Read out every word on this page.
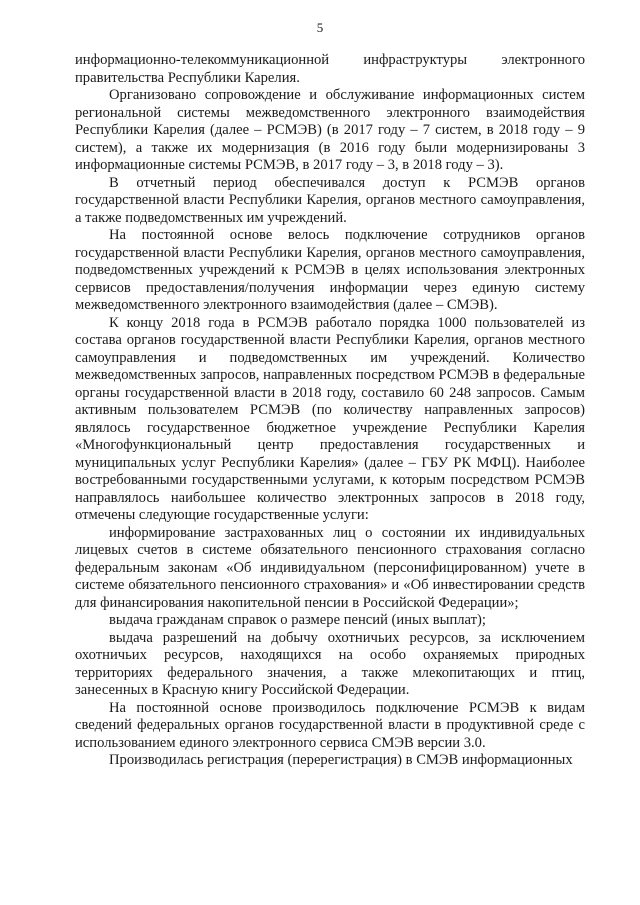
5

информационно-телекоммуникационной инфраструктуры электронного правительства Республики Карелия.

Организовано сопровождение и обслуживание информационных систем региональной системы межведомственного электронного взаимодействия Республики Карелия (далее – РСМЭВ) (в 2017 году – 7 систем, в 2018 году – 9 систем), а также их модернизация (в 2016 году были модернизированы 3 информационные системы РСМЭВ, в 2017 году – 3, в 2018 году – 3).

В отчетный период обеспечивался доступ к РСМЭВ органов государственной власти Республики Карелия, органов местного самоуправления, а также подведомственных им учреждений.

На постоянной основе велось подключение сотрудников органов государственной власти Республики Карелия, органов местного самоуправления, подведомственных учреждений к РСМЭВ в целях использования электронных сервисов предоставления/получения информации через единую систему межведомственного электронного взаимодействия (далее – СМЭВ).

К концу 2018 года в РСМЭВ работало порядка 1000 пользователей из состава органов государственной власти Республики Карелия, органов местного самоуправления и подведомственных им учреждений. Количество межведомственных запросов, направленных посредством РСМЭВ в федеральные органы государственной власти в 2018 году, составило 60 248 запросов. Самым активным пользователем РСМЭВ (по количеству направленных запросов) являлось государственное бюджетное учреждение Республики Карелия «Многофункциональный центр предоставления государственных и муниципальных услуг Республики Карелия» (далее – ГБУ РК МФЦ). Наиболее востребованными государственными услугами, к которым посредством РСМЭВ направлялось наибольшее количество электронных запросов в 2018 году, отмечены следующие государственные услуги:

информирование застрахованных лиц о состоянии их индивидуальных лицевых счетов в системе обязательного пенсионного страхования согласно федеральным законам «Об индивидуальном (персонифицированном) учете в системе обязательного пенсионного страхования» и «Об инвестировании средств для финансирования накопительной пенсии в Российской Федерации»;

выдача гражданам справок о размере пенсий (иных выплат);

выдача разрешений на добычу охотничьих ресурсов, за исключением охотничьих ресурсов, находящихся на особо охраняемых природных территориях федерального значения, а также млекопитающих и птиц, занесенных в Красную книгу Российской Федерации.

На постоянной основе производилось подключение РСМЭВ к видам сведений федеральных органов государственной власти в продуктивной среде с использованием единого электронного сервиса СМЭВ версии 3.0.

Производилась регистрация (перерегистрация) в СМЭВ информационных
